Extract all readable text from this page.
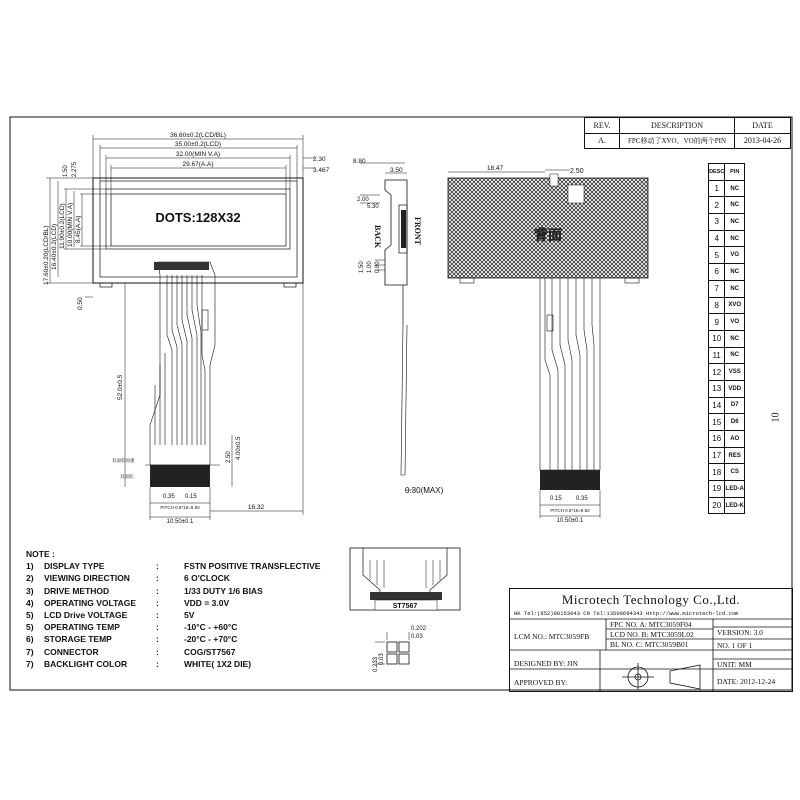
REV.	DESCRIPTION	DATE
A.	FPC移动了XVO、VO的两个PIN	2013-04-26
DOTS:128X32
36.60±0.2(LCD/BL)
35.00±0.2(LCD)
32.00(MIN V.A)
29.67(A.A)
2.30
3.467
1.50 2.275
17.60±0.20(LCD/BL) 16.40±0.2(LCD) 11.90±0.2(LCD) 10.00(MIN V.A) 8.45(A.A)
0.50
52.0±0.5
2.50 4.00±0.5
双面胶加强
双面胶
0.35 0.15
PITCH 0.5*19=9.50
10.50±0.1
16.32
8.80
3.50
2.00
5.30
1.50 1.00 0.80
BACK	FRONT
0.30(MAX)
18.47	2.50
背面
0.35
0.15
PITCH 0.5*19=9.50
10.50±0.1
DESC	PIN
1	NC
2	NC
3	NC
4	NC
5	VG
6	NC
7	NC
8	XVO
9	VO
10	NC
11	NC
12	VSS
13	VDD
14	D7
15	D6
16	AO
17	RES
18	CS
19	LED-A
20	LED-K
10
ST7567
0.202
0.03
0.233 0.03
NOTE :
1)	DISPLAY TYPE	:	FSTN POSITIVE TRANSFLECTIVE
2)	VIEWING DIRECTION	:	6 O'CLOCK
3)	DRIVE METHOD	:	1/33 DUTY 1/6 BIAS
4)	OPERATING VOLTAGE	:	VDD = 3.0V
5)	LCD Drive VOLTAGE	:	5V
5)	OPERATING TEMP	:	-10°C - +60°C
6)	STORAGE TEMP	:	-20°C - +70°C
7)	CONNECTOR	:	COG/ST7567
7)	BACKLIGHT COLOR	:	WHITE( 1X2 DIE)
Microtech Technology Co.,Ltd.
HK Tel:(852)98153643 CN Tel:13509694343 Http://www.microtech-lcd.com
LCM NO.: MTC3059FB
FPC NO. A: MTC3059F04
LCD NO. B: MTC3059L02
BL NO. C: MTC3059B01
VERSION: 3.0
NO. 1 OF 1
UNIT: MM
DATE: 2012-12-24
DESIGNED BY: JIN
APPROVED BY:
